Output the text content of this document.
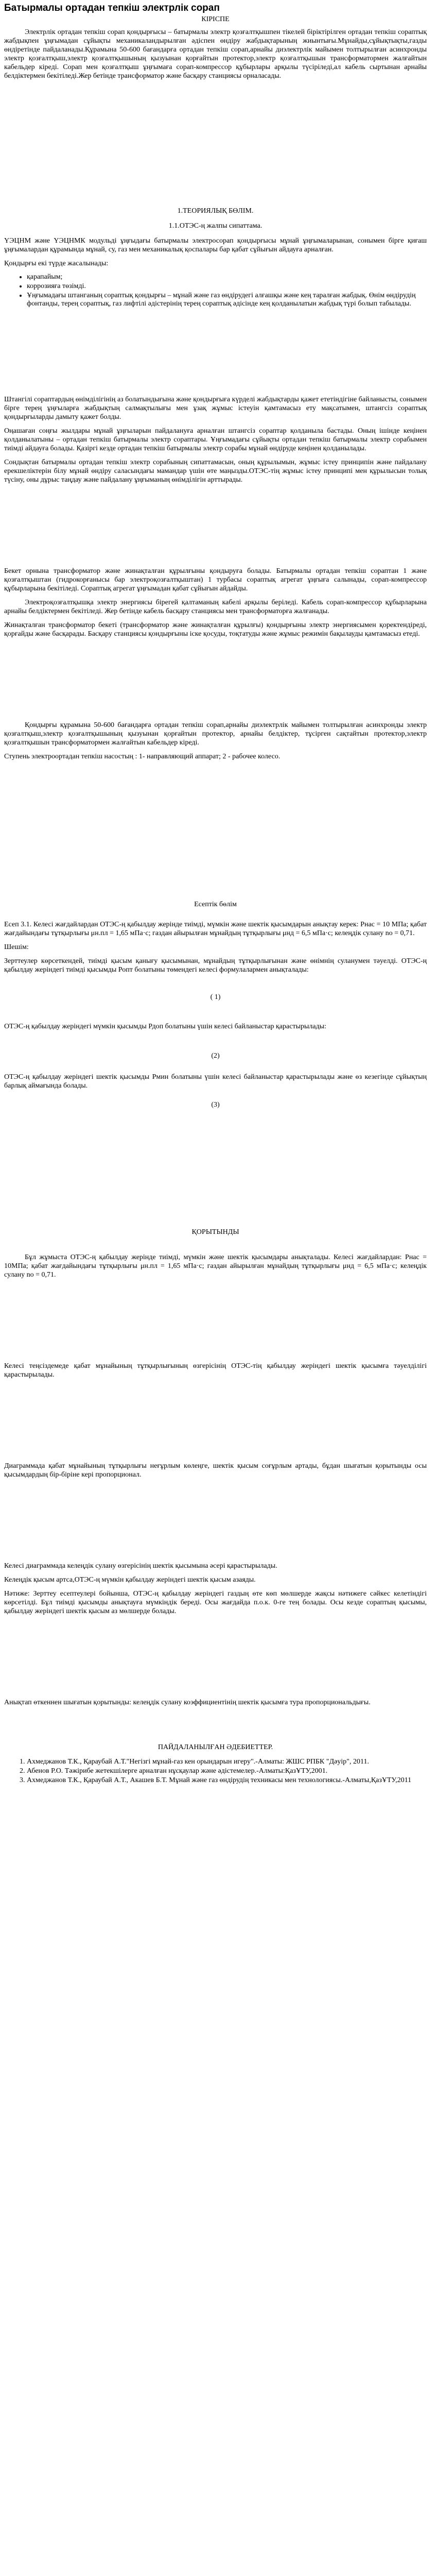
Батырмалы ортадан тепкіш электрлік сорап
КІРІСПЕ

Электрлік ортадан тепкіш сорап қондырғысы – батырмалы электр қозғалтқышпен тікелей біріктірілген ортадан тепкіш сораптық жабдықпен ұңғымадан сұйықты механикаландырылған әдіспен өндіру жабдықтарының жиынтығы.Мұнайды,сұйықтықты,газды өндіретінде пайдаланады.Құрамына 50-600 бағандарға ортадан тепкіш сорап,арнайы диэлектрлік майымен толтырылған асинхронды электр қозғалтқыш,электр қозғалтқышының қызуынан қорғайтын протектор,электр қозғалтқышын трансформатормен жалғайтын кабельдер кіреді. Сорап мен қозғалтқыш ұңғымаға сорап-компрессор құбырлары арқылы түсіріледі,ал кабель сыртынан арнайы белдіктермен бекітіледі.Жер бетінде трансформатор және басқару станциясы орналасады.

1.ТЕОРИЯЛЫҚ БӨЛІМ.

1.1.ОТЭС-ң жалпы сипаттама.

ҮЭЦНМ және ҮЭЦНМК модульді ұңғыдағы батырмалы электросорап қондырғысы мұнай ұңғымаларынан, сонымен бірге қиғаш ұңғымалардан құрамында мұнай, су, газ мен механикалық қоспалары бар қабат сұйығын айдауға арналған.

Қондырғы екі түрде жасалынады:

• қарапайым;
• коррозияға төзімді.
• Ұңғымадағы штанганың сораптық қондырғы – мұнай және газ өндірудегі алғашқы және кең таралған жабдық. Өнім өндірудің фонтанды, терең сораптық, газ лифтілі әдістерінің терең сораптық әдісінде кең қолданылатын жабдық түрі болып табылады.

Штангілі сораптардың өнімділігінің аз болатындығына және қондырғыға күрделі жабдықтарды қажет ететіндігіне байланысты, сонымен бірге терең ұңғыларға жабдықтың салмақтылығы мен ұзақ жұмыс істеуін қамтамасыз ету мақсатымен, штангсіз сораптық қондырғыларды дамыту қажет болды.

Оңашаған соңғы жылдары мұнай ұңғыларын пайдалануға арналған штангсіз сораптар қолданыла бастады. Оның ішінде кеңінен қолданылатыны – ортадан тепкіш батырмалы электр сораптары. Ұңғымадағы сұйықты ортадан тепкіш батырмалы электр сорабымен тиімді айдауға болады. Қазіргі кезде ортадан тепкіш батырмалы электр сорабы мұнай өндіруде кеңінен қолданылады.

Сондықтан батырмалы ортадан тепкіш электр сорабының сипаттамасын, оның құрылымын, жұмыс істеу принципін және пайдалану ерекшеліктерін білу мұнай өндіру саласындағы мамандар үшін өте маңызды.ОТЭС-тің жұмыс істеу принципі мен құрылысын толық түсіну, оны дұрыс таңдау және пайдалану ұңғыманың өнімділігін арттырады.

Бекет орнына трансформатор және жинақталған құрылғыны қондыруға болады. Батырмалы ортадан тепкіш сораптан 1 және қозғалтқыштан (гидрокорғанысы бар электроқозғалтқыштан) 1 турбасы сораптық агрегат ұңғыға салынады, сорап-компрессор құбырларына бекітіледі. Сораптық агрегат ұңғымадан қабат сұйығын айдайды.

Электроқозғалтқышқа электр энергиясы бірегей қалтаманың кабелі арқылы беріледі. Кабель сорап-компрессор құбырларына арнайы белдіктермен бекітіледі. Жер бетінде кабель басқару станциясы мен трансформаторға жалғанады.

Жинақталған трансформатор бекеті (трансформатор және жинақталған құрылғы) қондырғыны электр энергиясымен қоректендіреді, қорғайды және басқарады. Басқару станциясы қондырғыны іске қосуды, тоқтатуды және жұмыс режимін бақылауды қамтамасыз етеді.

Қондырғы құрамына 50-600 бағандарға ортадан тепкіш сорап,арнайы диэлектрлік майымен толтырылған асинхронды электр қозғалтқыш,электр қозғалтқышының қызуынан қорғайтын протектор, арнайы белдіктер, тұсірген сақтайтын протектор,электр қозғалтқышын трансформатормен жалғайтын кабельдер кіреді.

Ступень электроортадан тепкіш насостың : 1- направляющий аппарат; 2 - рабочее колесо.

Есептік бөлім

Есеп 3.1. Келесі жағдайлардан ОТЭС-ң қабылдау жерінде тиімді, мүмкін және шектік қысымдарын анықтау керек: Рнас = 10 МПа; қабат жағдайындағы тұтқырлығы μн.пл = 1,65 мПа·с; газдан айырылған мұнайдың тұтқырлығы μнд = 6,5 мПа·с; келеңдік сулану nо = 0,71.

Шешім:

Зерттеулер көрсеткендей, тиімді қысым қанығу қысымынан, мұнайдың тұтқырлығынан және өнімнің суланумен тәуелді. ОТЭС-ң қабылдау жеріндегі тиімді қысымды Ропт болатыны төмендегі келесі формулалармен анықталады:

( 1)

ОТЭС-ң қабылдау жеріндегі мүмкін қысымды Рдоп болатыны үшін келесі байланыстар қарастырылады:

(2)

ОТЭС-ң қабылдау жеріндегі шектік қысымды Рмин болатыны үшін келесі байланыстар қарастырылады және өз кезегінде сұйықтың барлық аймағында болады.

(3)

ҚОРЫТЫНДЫ

Бұл жұмыста ОТЭС-ң қабылдау жерінде тиімді, мүмкін және шектік қысымдары анықталады. Келесі жағдайлардан: Рнас = 10МПа; қабат жағдайындағы тұтқырлығы μн.пл = 1,65 мПа·с; газдан айырылған мұнайдың тұтқырлығы μнд = 6,5 мПа·с; келеңдік сулану nо = 0,71.

Келесі теңсіздемеде қабат мұнайының тұтқырлығының өзгерісінің ОТЭС-тің қабылдау жеріндегі шектік қысымға тәуелділігі қарастырылады.

Диаграммада қабат мұнайының тұтқырлығы неғұрлым көлеңге, шектік қысым соғұрлым артады, бұдан шығатын қорытынды осы қысымдардың бір-біріне кері пропорционал.

Келесі диаграммада келеңдік сулану өзгерісінің шектік қысымына әсері қарастырылады.

Келеңдік қысым артса,ОТЭС-ң мүмкін қабылдау жеріндегі шектік қысым азаяды.

Нәтиже: Зерттеу есептеулері бойынша, ОТЭС-ң қабылдау жеріндегі газдың өте көп мөлшерде жақсы нәтижеге сәйкес келетіндігі көрсетілді. Бұл тиімді қысымды анықтауға мүмкіндік береді. Осы жағдайда п.о.к. 0-ге тең болады. Осы кезде сораптың қысымы, қабылдау жеріндегі шектік қысым аз мөлшерде болады.

Анықтап өткеннен шығатын қорытынды: келеңдік сулану коэффициентінің шектік қысымға тура пропорциональдығы.

ПАЙДАЛАНЫЛҒАН ӘДЕБИЕТТЕР.

1. Ахмеджанов Т.К., Қараубай А.Т."Негізгі мұнай-газ кен орындарын игеру".-Алматы: ЖШС РПБК "Дәуір", 2011.
2. Абенов Р.О. Тәжірибе жетекшілерге арналған нұсқаулар және әдістемелер.-Алматы:ҚазҰТУ,2001.
3. Ахмеджанов Т.К., Қараубай А.Т., Акашев Б.Т. Мұнай және газ өндірудің техникасы мен технологиясы.-Алматы,ҚазҰТУ,2011
